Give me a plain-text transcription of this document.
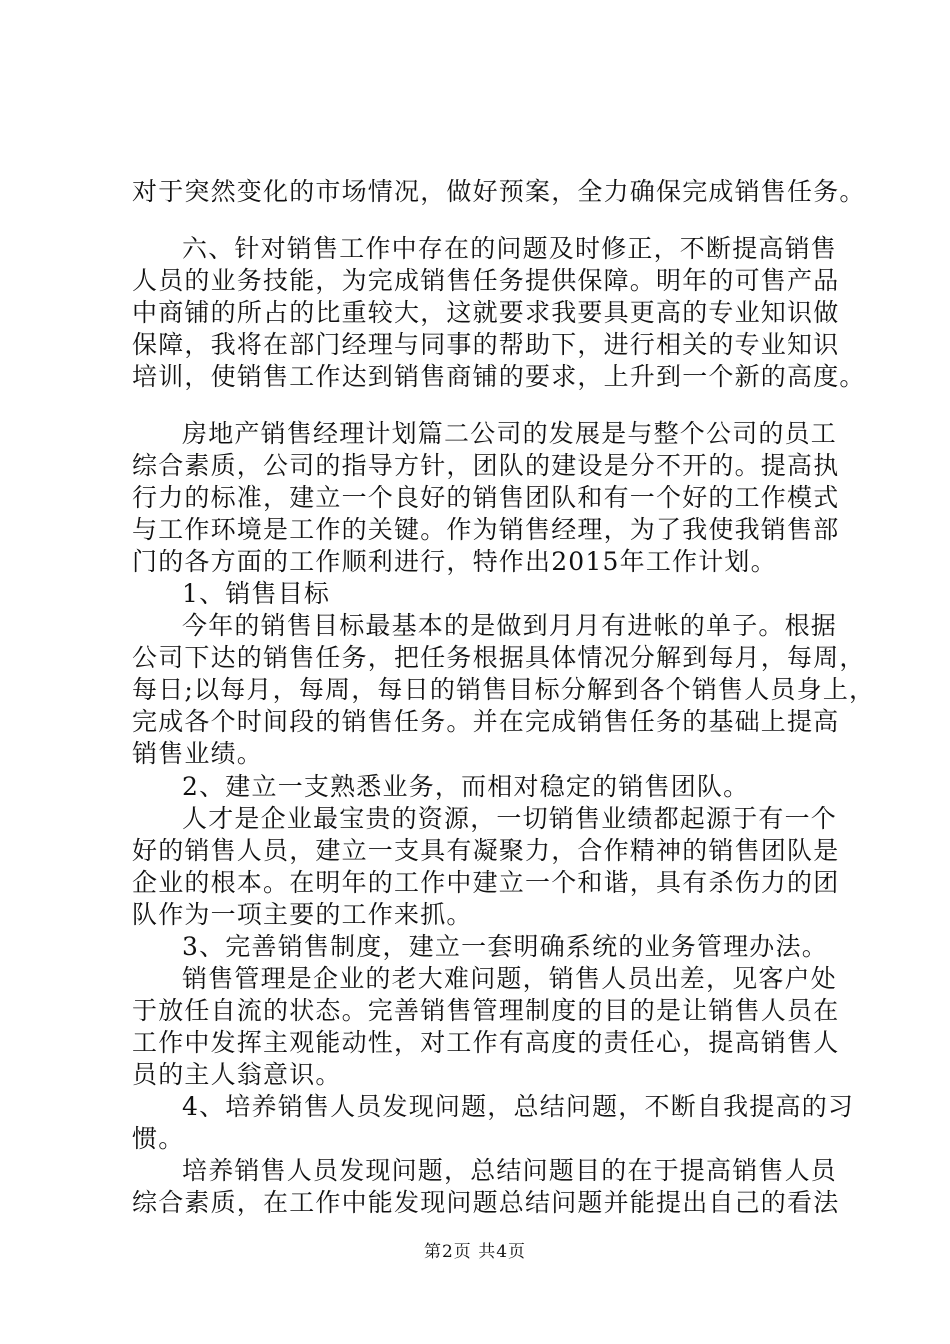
对于突然变化的市场情况，做好预案，全力确保完成销售任务。
六、针对销售工作中存在的问题及时修正，不断提高销售
人员的业务技能，为完成销售任务提供保障。明年的可售产品
中商铺的所占的比重较大，这就要求我要具更高的专业知识做
保障，我将在部门经理与同事的帮助下，进行相关的专业知识
培训，使销售工作达到销售商铺的要求，上升到一个新的高度。
房地产销售经理计划篇二公司的发展是与整个公司的员工
综合素质，公司的指导方针，团队的建设是分不开的。提高执
行力的标准，建立一个良好的销售团队和有一个好的工作模式
与工作环境是工作的关键。作为销售经理，为了我使我销售部
门的各方面的工作顺利进行，特作出2015年工作计划。
1、销售目标
今年的销售目标最基本的是做到月月有进帐的单子。根据
公司下达的销售任务，把任务根据具体情况分解到每月，每周，
每日;以每月，每周，每日的销售目标分解到各个销售人员身上，
完成各个时间段的销售任务。并在完成销售任务的基础上提高
销售业绩。
2、建立一支熟悉业务，而相对稳定的销售团队。
人才是企业最宝贵的资源，一切销售业绩都起源于有一个
好的销售人员，建立一支具有凝聚力，合作精神的销售团队是
企业的根本。在明年的工作中建立一个和谐，具有杀伤力的团
队作为一项主要的工作来抓。
3、完善销售制度，建立一套明确系统的业务管理办法。
销售管理是企业的老大难问题，销售人员出差，见客户处
于放任自流的状态。完善销售管理制度的目的是让销售人员在
工作中发挥主观能动性，对工作有高度的责任心，提高销售人
员的主人翁意识。
4、培养销售人员发现问题，总结问题，不断自我提高的习
惯。
培养销售人员发现问题，总结问题目的在于提高销售人员
综合素质，在工作中能发现问题总结问题并能提出自己的看法
第2页 共4页
